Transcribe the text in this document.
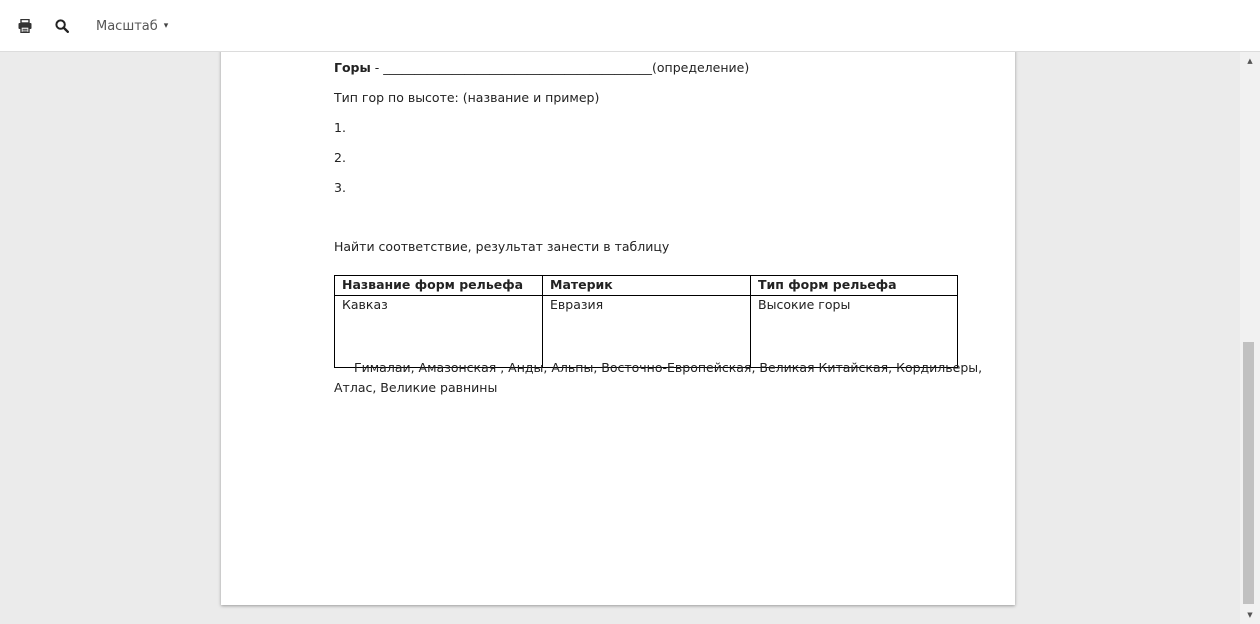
Масштаб ▾
Горы - ___________________________________________(определение)
Тип гор по высоте: (название и пример)
1.
2.
3.
Найти соответствие, результат занести в таблицу
Название форм рельефа	Материк	Тип форм рельефа
Кавказ	Евразия	Высокие горы
Гималаи, Амазонская , Анды, Альпы, Восточно-Европейская, Великая Китайская, Кордильеры,
Атлас, Великие равнины
▲
▼
